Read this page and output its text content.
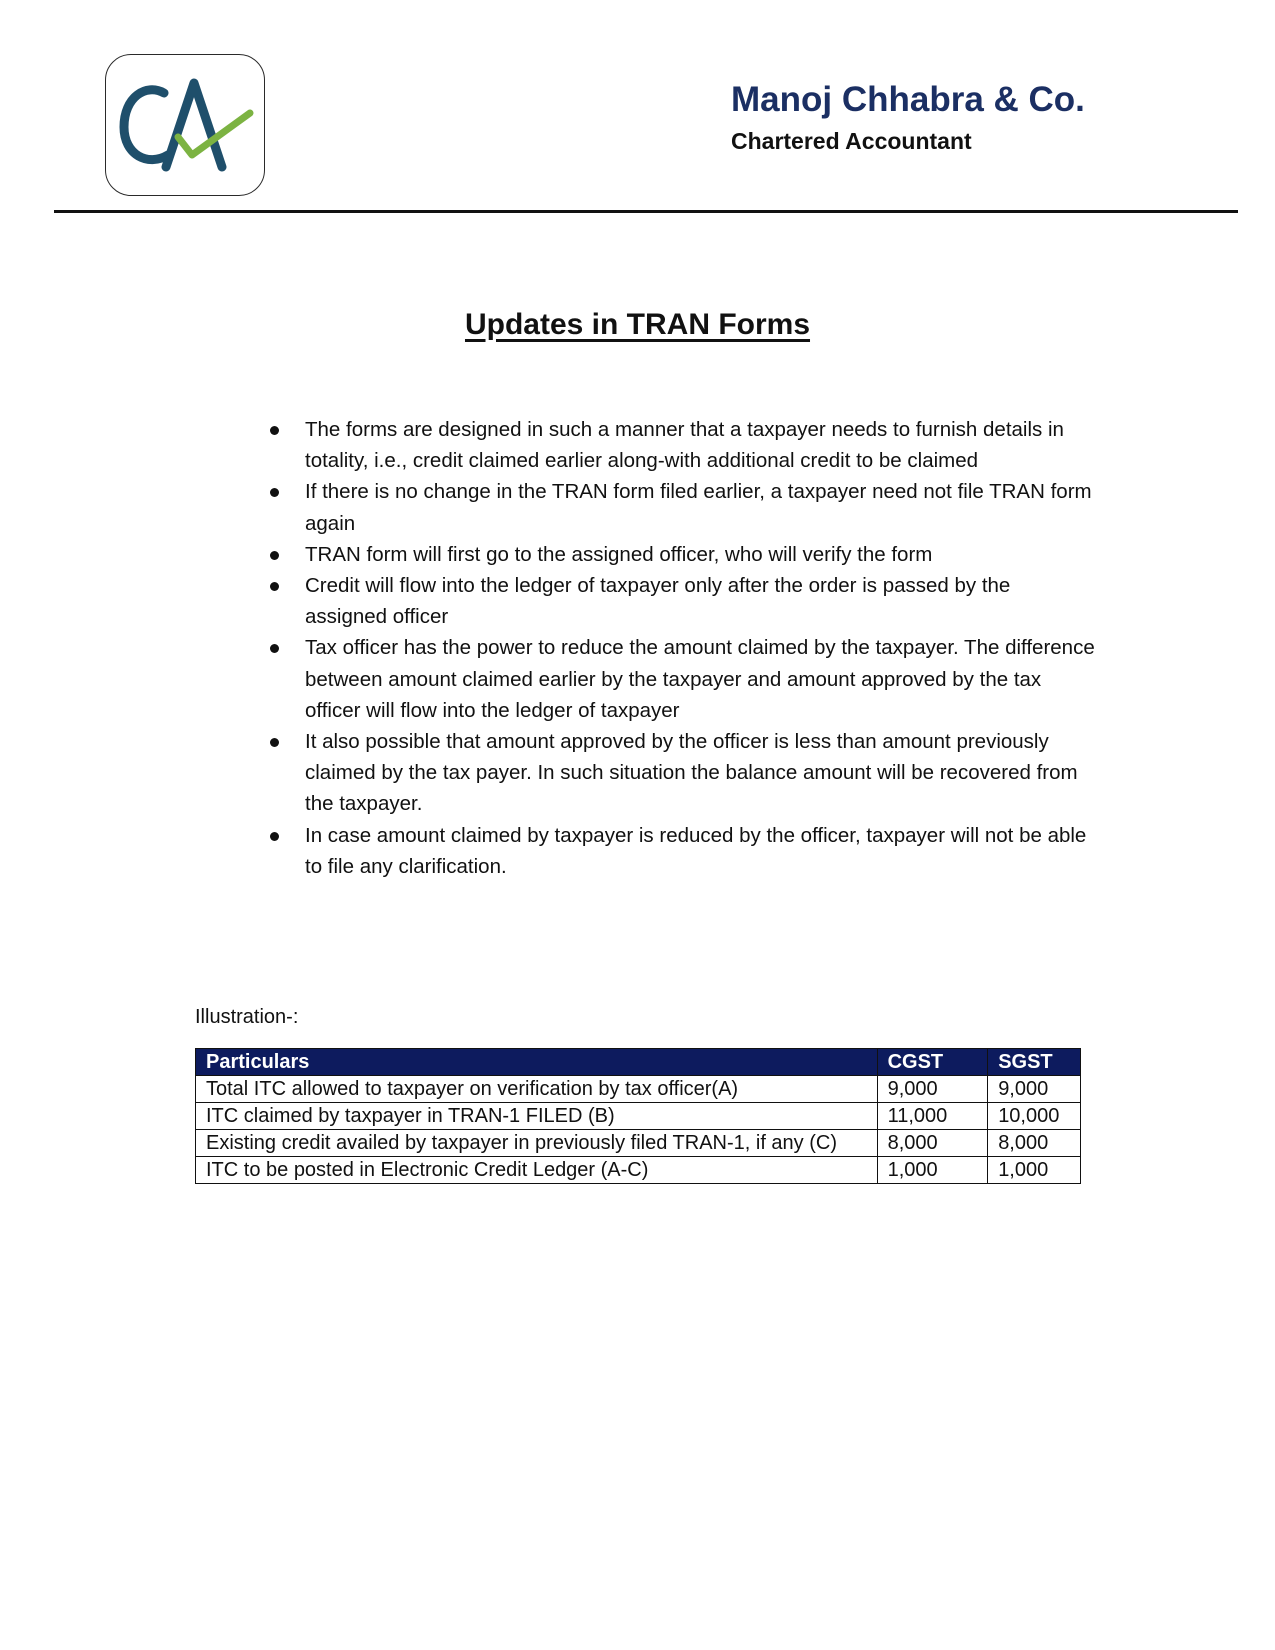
Manoj Chhabra & Co.
Chartered Accountant
Updates in TRAN Forms
The forms are designed in such a manner that a taxpayer needs to furnish details in totality, i.e., credit claimed earlier along-with additional credit to be claimed
If there is no change in the TRAN form filed earlier, a taxpayer need not file TRAN form again
TRAN form will first go to the assigned officer, who will verify the form
Credit will flow into the ledger of taxpayer only after the order is passed by the assigned officer
Tax officer has the power to reduce the amount claimed by the taxpayer. The difference between amount claimed earlier by the taxpayer and amount approved by the tax officer will flow into the ledger of taxpayer
It also possible that amount approved by the officer is less than amount previously claimed by the tax payer. In such situation the balance amount will be recovered from the taxpayer.
In case amount claimed by taxpayer is reduced by the officer, taxpayer will not be able to file any clarification.
Illustration-:
Particulars	CGST	SGST
Total ITC allowed to taxpayer on verification by tax officer(A)	9,000	9,000
ITC claimed by taxpayer in TRAN-1 FILED (B)	11,000	10,000
Existing credit availed by taxpayer in previously filed TRAN-1, if any (C)	8,000	8,000
ITC to be posted in Electronic Credit Ledger (A-C)	1,000	1,000
